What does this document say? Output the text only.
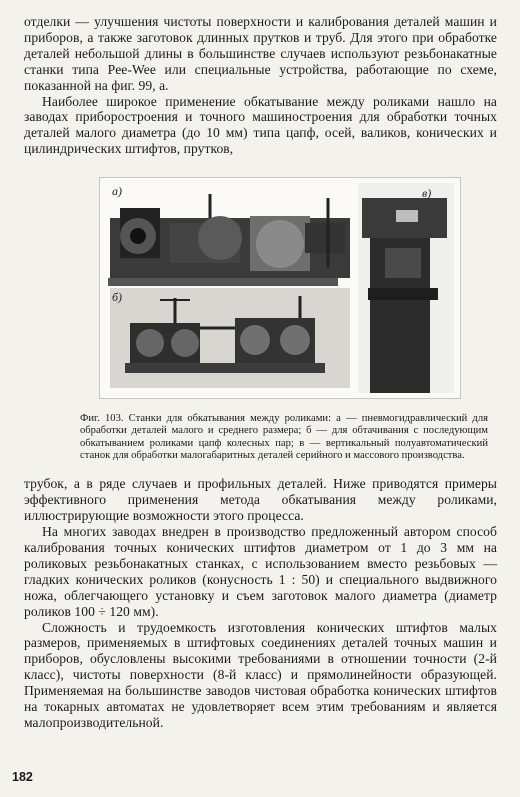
отделки — улучшения чистоты поверхности и калибрования деталей машин и приборов, а также заготовок длинных прутков и труб. Для этого при обработке деталей небольшой длины в большинстве случаев используют резьбонакатные станки типа Pee-Wee или специальные устройства, работающие по схеме, показанной на фиг. 99, а.

Наиболее широкое применение обкатывание между роликами нашло на заводах приборостроения и точного машиностроения для обработки точных деталей малого диаметра (до 10 мм) типа цапф, осей, валиков, конических и цилиндрических штифтов, прутков,

а)
б)
в)

Фиг. 103. Станки для обкатывания между роликами: а — пневмогидравлический для обработки деталей малого и среднего размера; б — для обтачивания с последующим обкатыванием роликами цапф колесных пар; в — вертикальный полуавтоматический станок для обработки малогабаритных деталей серийного и массового производства.

трубок, а в ряде случаев и профильных деталей. Ниже приводятся примеры эффективного применения метода обкатывания между роликами, иллюстрирующие возможности этого процесса.

На многих заводах внедрен в производство предложенный автором способ калибрования точных конических штифтов диаметром от 1 до 3 мм на роликовых резьбонакатных станках, с использованием вместо резьбовых — гладких конических роликов (конусность 1 : 50) и специального выдвижного ножа, облегчающего установку и съем заготовок малого диаметра (диаметр роликов 100 ÷ 120 мм).

Сложность и трудоемкость изготовления конических штифтов малых размеров, применяемых в штифтовых соединениях деталей точных машин и приборов, обусловлены высокими требованиями в отношении точности (2-й класс), чистоты поверхности (8-й класс) и прямолинейности образующей. Применяемая на большинстве заводов чистовая обработка конических штифтов на токарных автоматах не удовлетворяет всем этим требованиям и является малопроизводительной.

182
